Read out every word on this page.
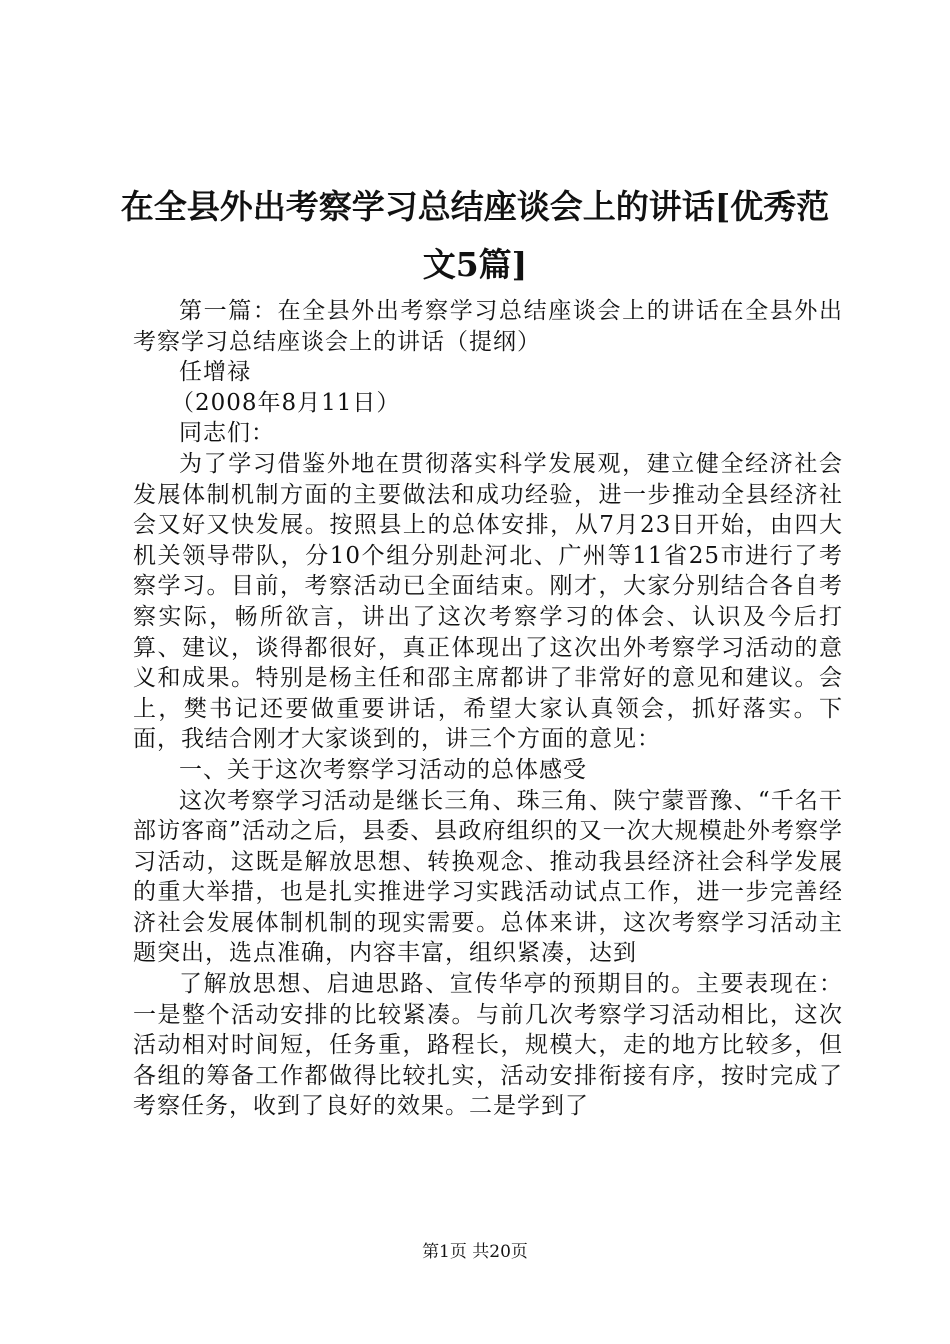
在全县外出考察学习总结座谈会上的讲话[优秀范文5篇]

第一篇：在全县外出考察学习总结座谈会上的讲话在全县外出考察学习总结座谈会上的讲话（提纲）

任增禄

（2008年8月11日）

同志们：

为了学习借鉴外地在贯彻落实科学发展观，建立健全经济社会发展体制机制方面的主要做法和成功经验，进一步推动全县经济社会又好又快发展。按照县上的总体安排，从7月23日开始，由四大机关领导带队，分10个组分别赴河北、广州等11省25市进行了考察学习。目前，考察活动已全面结束。刚才，大家分别结合各自考察实际，畅所欲言，讲出了这次考察学习的体会、认识及今后打算、建议，谈得都很好，真正体现出了这次出外考察学习活动的意义和成果。特别是杨主任和邵主席都讲了非常好的意见和建议。会上，樊书记还要做重要讲话，希望大家认真领会，抓好落实。下面，我结合刚才大家谈到的，讲三个方面的意见：

一、关于这次考察学习活动的总体感受

这次考察学习活动是继长三角、珠三角、陕宁蒙晋豫、“千名干部访客商”活动之后，县委、县政府组织的又一次大规模赴外考察学习活动，这既是解放思想、转换观念、推动我县经济社会科学发展的重大举措，也是扎实推进学习实践活动试点工作，进一步完善经济社会发展体制机制的现实需要。总体来讲，这次考察学习活动主题突出，选点准确，内容丰富，组织紧凑，达到

了解放思想、启迪思路、宣传华亭的预期目的。主要表现在：一是整个活动安排的比较紧凑。与前几次考察学习活动相比，这次活动相对时间短，任务重，路程长，规模大，走的地方比较多，但各组的筹备工作都做得比较扎实，活动安排衔接有序，按时完成了考察任务，收到了良好的效果。二是学到了

第1页 共20页
